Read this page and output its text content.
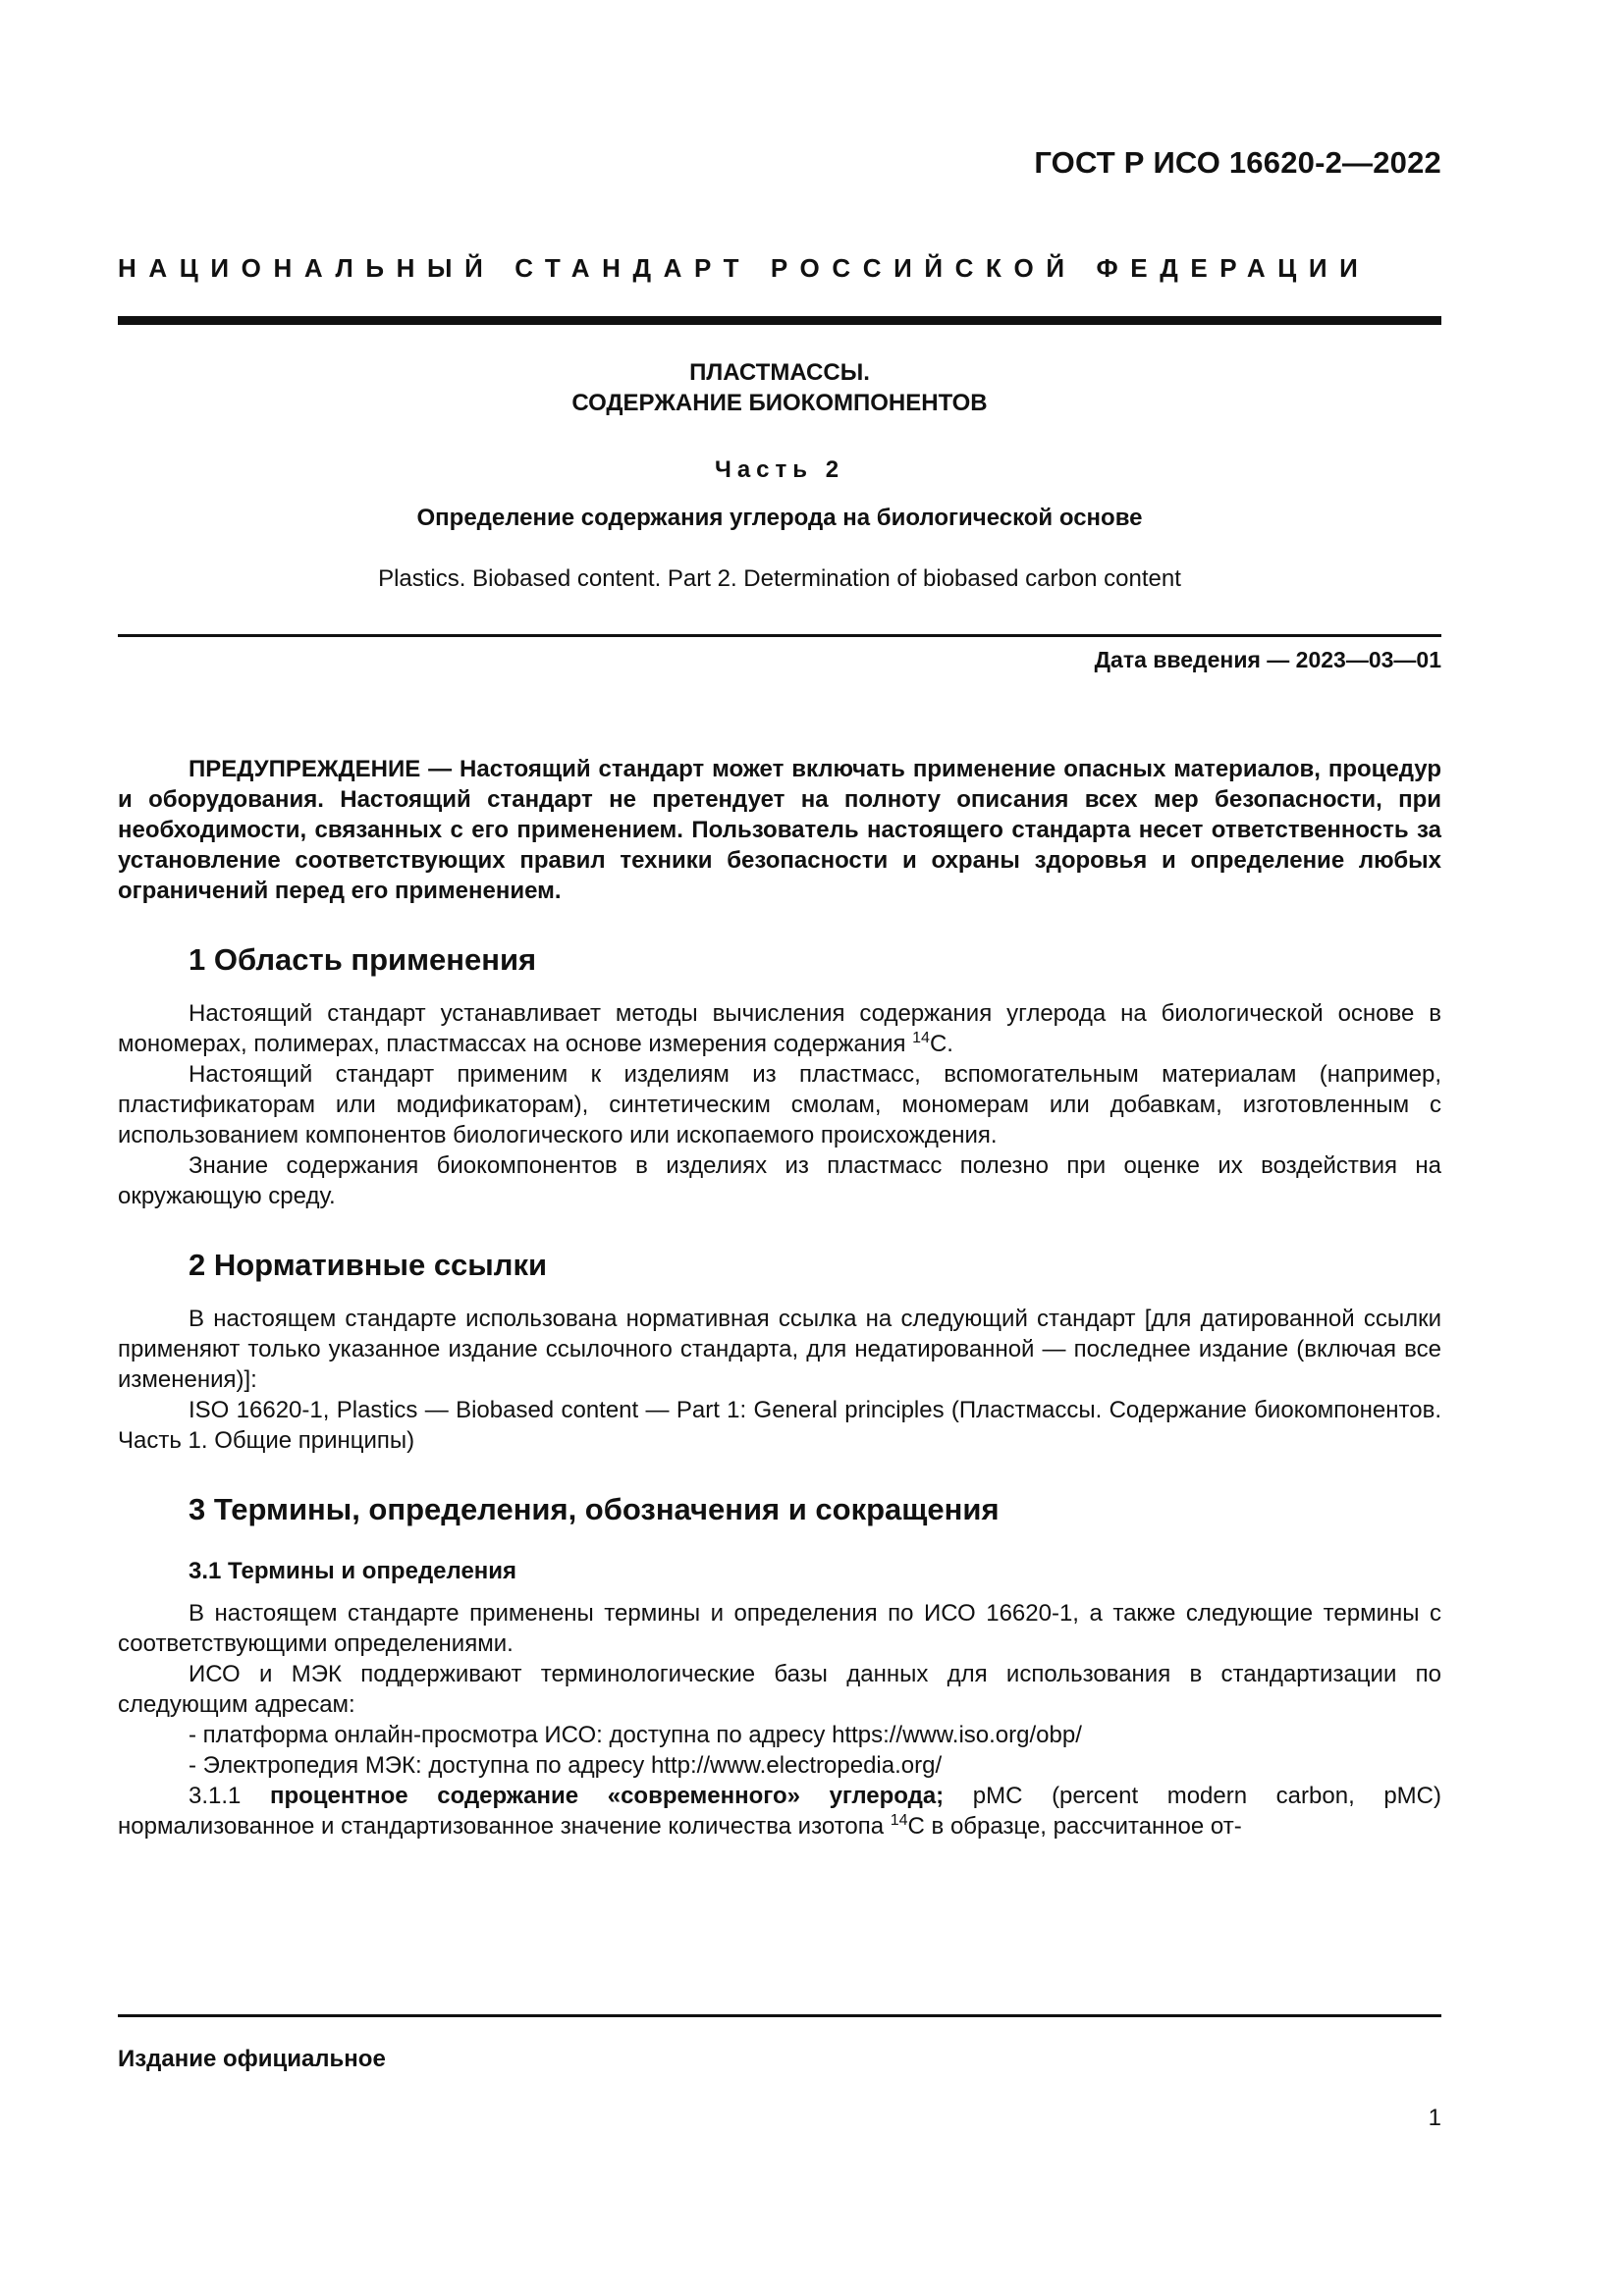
ГОСТ Р ИСО 16620-2—2022
НАЦИОНАЛЬНЫЙ СТАНДАРТ РОССИЙСКОЙ ФЕДЕРАЦИИ
ПЛАСТМАССЫ.
СОДЕРЖАНИЕ БИОКОМПОНЕНТОВ
Часть 2
Определение содержания углерода на биологической основе
Plastics. Biobased content. Part 2. Determination of biobased carbon content
Дата введения — 2023—03—01

ПРЕДУПРЕЖДЕНИЕ — Настоящий стандарт может включать применение опасных материалов, процедур и оборудования. Настоящий стандарт не претендует на полноту описания всех мер безопасности, при необходимости, связанных с его применением. Пользователь настоящего стандарта несет ответственность за установление соответствующих правил техники безопасности и охраны здоровья и определение любых ограничений перед его применением.

1 Область применения

Настоящий стандарт устанавливает методы вычисления содержания углерода на биологической основе в мономерах, полимерах, пластмассах на основе измерения содержания $^{14}$С.

Настоящий стандарт применим к изделиям из пластмасс, вспомогательным материалам (например, пластификаторам или модификаторам), синтетическим смолам, мономерам или добавкам, изготовленным с использованием компонентов биологического или ископаемого происхождения.

Знание содержания биокомпонентов в изделиях из пластмасс полезно при оценке их воздействия на окружающую среду.

2 Нормативные ссылки

В настоящем стандарте использована нормативная ссылка на следующий стандарт [для датированной ссылки применяют только указанное издание ссылочного стандарта, для недатированной — последнее издание (включая все изменения)]:

ISO 16620-1, Plastics — Biobased content — Part 1: General principles (Пластмассы. Содержание биокомпонентов. Часть 1. Общие принципы)

3 Термины, определения, обозначения и сокращения
3.1 Термины и определения

В настоящем стандарте применены термины и определения по ИСО 16620-1, а также следующие термины с соответствующими определениями.

ИСО и МЭК поддерживают терминологические базы данных для использования в стандартизации по следующим адресам:

- платформа онлайн-просмотра ИСО: доступна по адресу https://www.iso.org/obp/

- Электропедия МЭК: доступна по адресу http://www.electropedia.org/

3.1.1 процентное содержание «современного» углерода; pMC (percent modern carbon, pMC) нормализованное и стандартизованное значение количества изотопа $^{14}$С в образце, рассчитанное от-

Издание официальное
1
